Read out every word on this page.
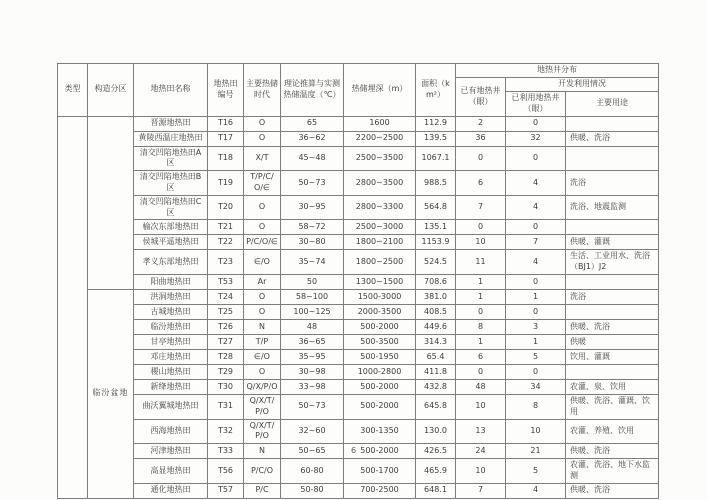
类型	构造分区	地热田名称	地热田编号	主要热储时代	理论推算与实测热储温度（℃）	热储埋深（m）	面积（km²）	地热井分布		
								已有地热井（眼）	开发利用情况	
									已利用地热井（眼）	主要用途
		晋源地热田	T16	O	65	1600	112.9	2	0	
		黄陵西温庄地热田	T17	O	36~62	2200~2500	139.5	36	32	供暖、洗浴
		清交凹陷地热田A区	T18	X/T	45~48	2500~3500	1067.1	0	0	
		清交凹陷地热田B区	T19	T/P/C/O/∈	50~73	2800~3500	988.5	6	4	洗浴
		清交凹陷地热田C区	T20	O	30~95	2800~3300	564.8	7	4	洗浴、地震监测
		榆次东部地热田	T21	O	58~72	2500~3000	135.1	0	0	
		侯城平遥地热田	T22	P/C/O/∈	30~80	1800~2100	1153.9	10	7	供暖、灌溉
		孝义东部地热田	T23	∈/O	35~74	1800~2500	524.5	11	4	生活、工业用水、洗浴（BJ1）J2
		阳曲地热田	T53	Ar	50	1300~1500	708.6	1	0	
	临汾盆地	洪洞地热田	T24	O	58~100	1500-3000	381.0	1	1	洗浴
		古城地热田	T25	O	100~125	2000-3500	408.5	0	0	
		临汾地热田	T26	N	48	500-2000	449.6	8	3	供暖、洗浴
		甘亭地热田	T27	T/P	36~65	500-3500	314.3	1	1	供暖
		邓庄地热田	T28	∈/O	35~95	500-1950	65.4	6	5	饮用、灌溉
		稷山地热田	T29	O	30~98	1000-2800	411.8	0	0	
		新绛地热田	T30	Q/X/P/O	33~98	500-2000	432.8	48	34	农灌、泉、饮用
		曲沃翼城地热田	T31	Q/X/T/P/O	50~73	500-2000	645.8	10	8	供暖、洗浴、灌溉、饮用
		西海地热田	T32	Q/X/T/P/O	32~60	300-1350	130.0	13	10	农灌、养殖、饮用
		河津地热田	T33	N	50~65	500-2000	426.5	24	21	供暖、洗浴
		高显地热田	T56	P/C/O	60-80	500-1700	465.9	10	5	农灌、洗浴、地下水监测
		通化地热田	T57	P/C	50-80	700-2500	648.1	7	4	供暖、洗浴
6
